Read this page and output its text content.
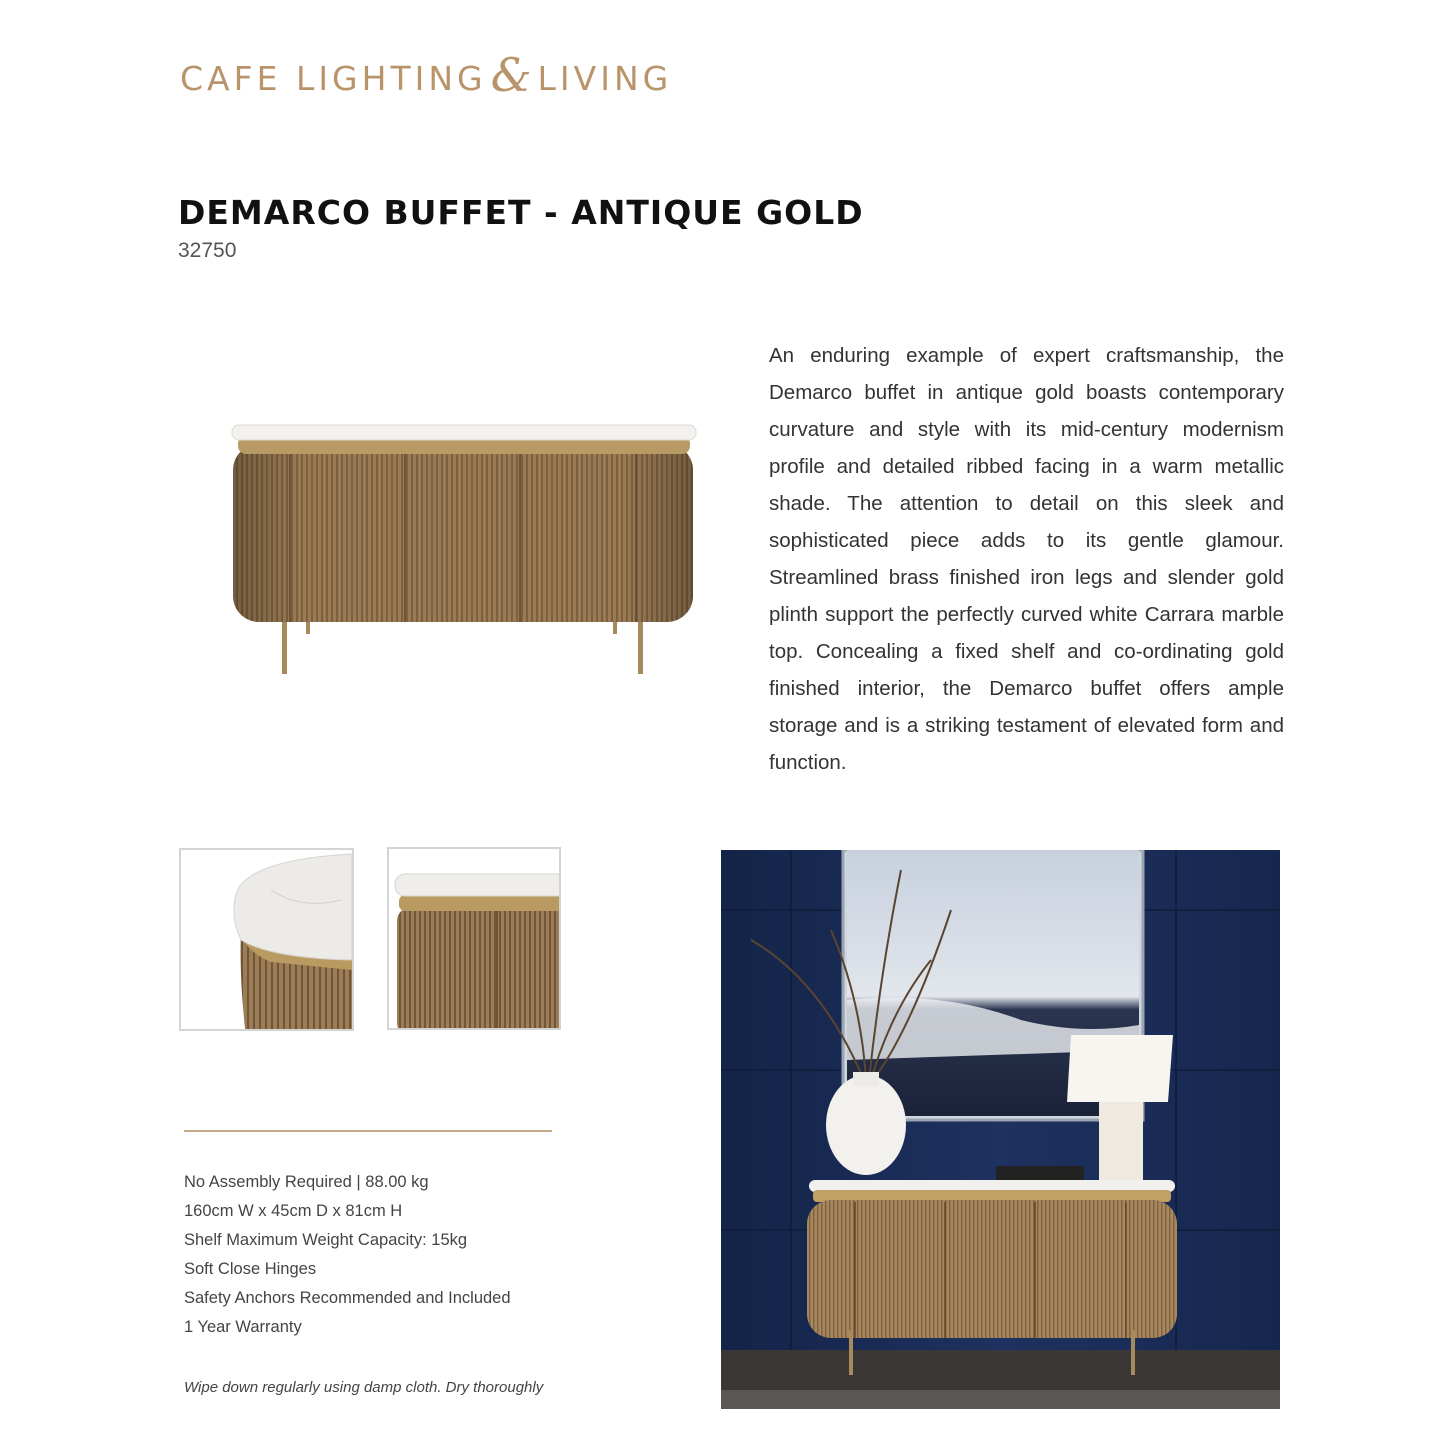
CAFE LIGHTING & LIVING
DEMARCO BUFFET - ANTIQUE GOLD
32750

An enduring example of expert craftsmanship, the Demarco buffet in antique gold boasts contemporary curvature and style with its mid-century modernism profile and detailed ribbed facing in a warm metallic shade. The attention to detail on this sleek and sophisticated piece adds to its gentle glamour. Streamlined brass finished iron legs and slender gold plinth support the perfectly curved white Carrara marble top. Concealing a fixed shelf and co-ordinating gold finished interior, the Demarco buffet offers ample storage and is a striking testament of elevated form and function.

No Assembly Required | 88.00 kg
160cm W x 45cm D x 81cm H
Shelf Maximum Weight Capacity: 15kg
Soft Close Hinges
Safety Anchors Recommended and Included
1 Year Warranty
Wipe down regularly using damp cloth. Dry thoroughly
